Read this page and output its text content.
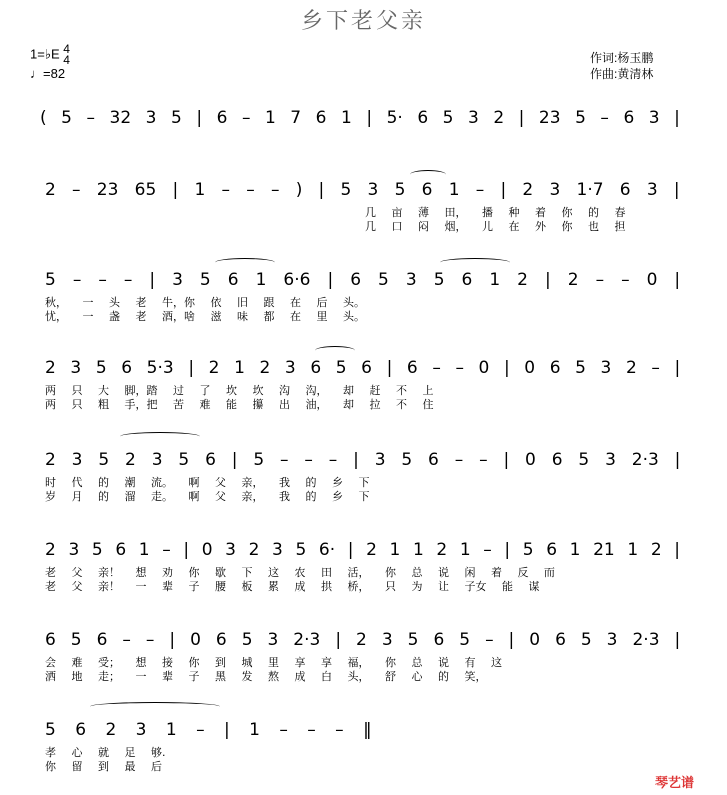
乡下老父亲
1=♭E 4
4
♩=82
作词:杨玉鹏
作曲:黄清林
( 5 – 32 3 5 | 6 – 1 7 6 1 | 5· 6 5 3 2 | 23 5 – 6 3 |
2 – 23 65 | 1 – – – ) | 5 3 5 6 1 – | 2 3 1·7 6 3 |
几 亩 薄 田， 播 种 着 你 的 春
几 口 闷 烟， 儿 在 外 你 也 担
5 – – – | 3 5 6 1 6·6 | 6 5 3 5 6 1 2 | 2 – – 0 |
秋， 一 头 老 牛，你 依 旧 跟 在 后 头。
忧， 一 盏 老 酒，啥 滋 味 都 在 里 头。
2 3 5 6 5·3 | 2 1 2 3 6 5 6 | 6 – – 0 | 0 6 5 3 2 – |
两 只 大 脚，踏 过 了 坎 坎 沟 沟， 却 赶 不 上
两 只 粗 手，把 苦 难 能 攥 出 油， 却 拉 不 住
2 3 5 2 3 5 6 | 5 – – – | 3 5 6 – – | 0 6 5 3 2·3 |
时 代 的 潮 流。 啊 父 亲， 我 的 乡 下
岁 月 的 溜 走。 啊 父 亲， 我 的 乡 下
2 3 5 6 1 – | 0 3 2 3 5 6· | 2 1 1 2 1 – | 5 6 1 21 1 2 |
老 父 亲！ 想 劝 你 歇 下 这 农 田 活， 你 总 说 闲 着 反 而
老 父 亲！ 一 辈 子 腰 板 累 成 拱 桥， 只 为 让 子女 能 谋
6 5 6 – – | 0 6 5 3 2·3 | 2 3 5 6 5 – | 0 6 5 3 2·3 |
会 难 受； 想 接 你 到 城 里 享 享 福， 你 总 说 有 这
洒 地 走； 一 辈 子 黑 发 熬 成 白 头， 舒 心 的 笑，
5 6 2 3 1 – | 1 – – – ‖
孝 心 就 足 够.
你 留 到 最 后
琴艺谱
